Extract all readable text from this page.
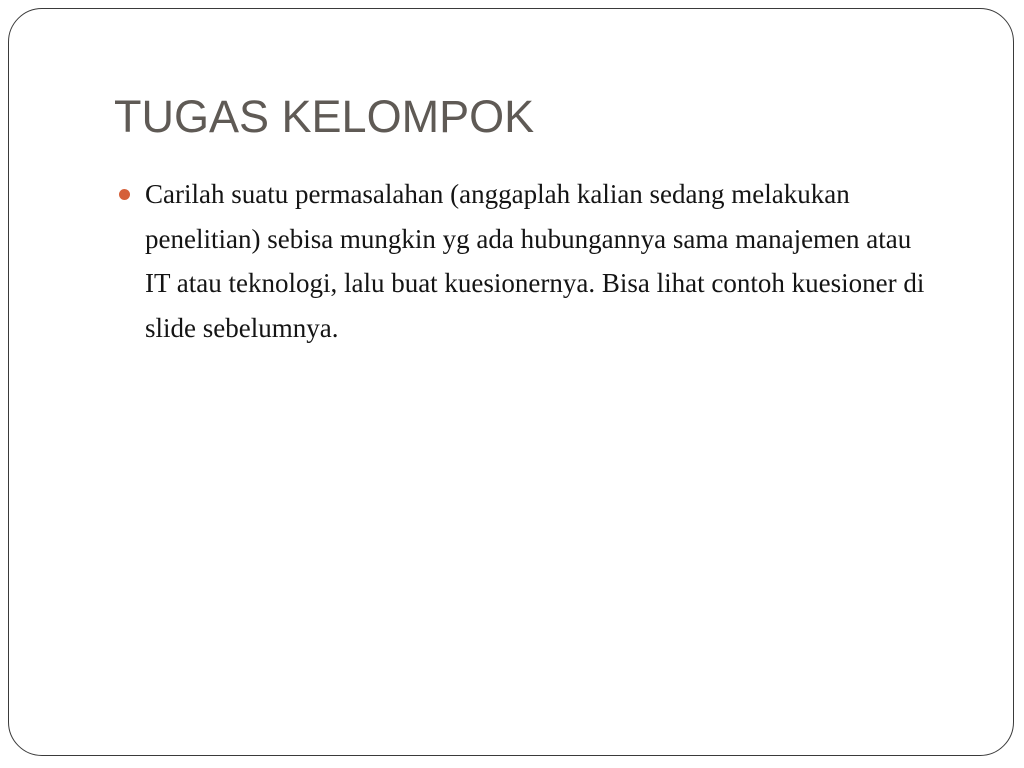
TUGAS KELOMPOK
Carilah suatu permasalahan (anggaplah kalian sedang melakukan penelitian) sebisa mungkin yg ada hubungannya sama manajemen atau IT atau teknologi, lalu buat kuesionernya. Bisa lihat contoh kuesioner di slide sebelumnya.
